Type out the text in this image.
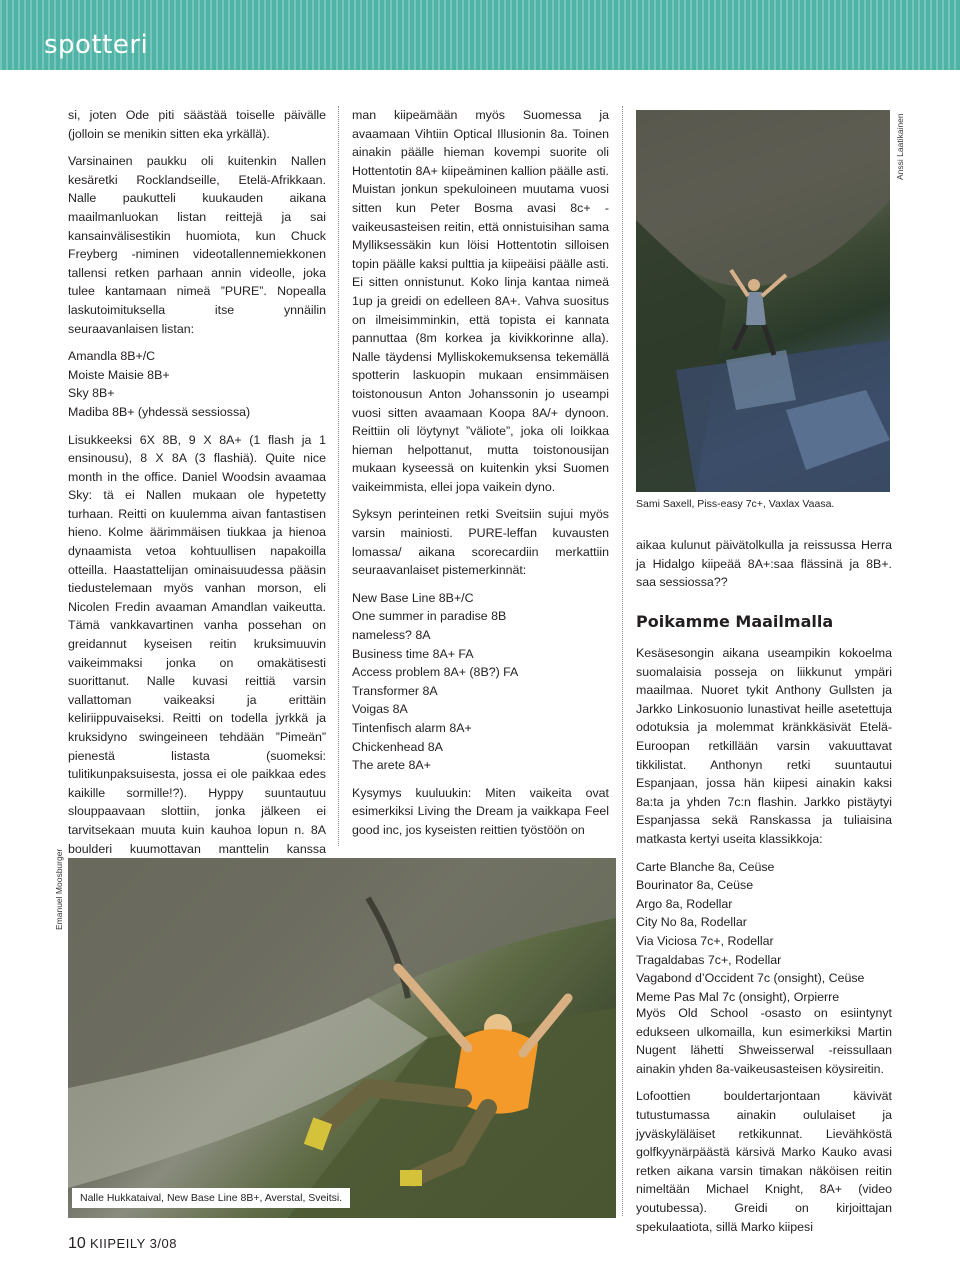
spotteri

si, joten Ode piti säästää toiselle päivälle (jolloin se menikin sitten eka yrkällä).

Varsinainen paukku oli kuitenkin Nallen kesäretki Rocklandseille, Etelä-Afrikkaan. Nalle paukutteli kuukauden aikana maailmanluokan listan reittejä ja sai kansainvälisestikin huomiota, kun Chuck Freyberg -niminen videotallennemiekkonen tallensi retken parhaan annin videolle, joka tulee kantamaan nimeä ”PURE”. Nopealla laskutoimituksella itse ynnäilin seuraavanlaisen listan:

Amandla 8B+/C
Moiste Maisie 8B+
Sky 8B+
Madiba 8B+ (yhdessä sessiossa)

Lisukkeeksi 6X 8B, 9 X 8A+ (1 flash ja 1 ensinousu), 8 X 8A (3 flashiä). Quite nice month in the office. Daniel Woodsin avaamaa Sky: tä ei Nallen mukaan ole hypetetty turhaan. Reitti on kuulemma aivan fantastisen hieno. Kolme äärimmäisen tiukkaa ja hienoa dynaamista vetoa kohtuullisen napakoilla otteilla. Haastattelijan ominaisuudessa pääsin tiedustelemaan myös vanhan morson, eli Nicolen Fredin avaaman Amandlan vaikeutta. Tämä vankkavartinen vanha possehan on greidannut kyseisen reitin kruksimuuvin vaikeimmaksi jonka on omakätisesti suorittanut. Nalle kuvasi reittiä varsin vallattoman vaikeaksi ja erittäin keliriippuvaiseksi. Reitti on todella jyrkkä ja kruksidyno swingeineen tehdään ”Pimeän” pienestä listasta (suomeksi: tulitikunpaksuisesta, jossa ei ole paikkaa edes kaikille sormille!?). Hyppy suuntautuu slouppaavaan slottiin, jonka jälkeen ei tarvitsekaan muuta kuin kauhoa lopun n. 8A boulderi kuumottavan manttelin kanssa

man kiipeämään myös Suomessa ja avaamaan Vihtiin Optical Illusionin 8a. Toinen ainakin päälle hieman kovempi suorite oli Hottentotin 8A+ kiipeäminen kallion päälle asti. Muistan jonkun spekuloineen muutama vuosi sitten kun Peter Bosma avasi 8c+ -vaikeusasteisen reitin, että onnistuisihan sama Mylliksessäkin kun löisi Hottentotin silloisen topin päälle kaksi pulttia ja kiipeäisi päälle asti. Ei sitten onnistunut. Koko linja kantaa nimeä 1up ja greidi on edelleen 8A+. Vahva suositus on ilmeisimminkin, että topista ei kannata pannuttaa (8m korkea ja kivikkorinne alla). Nalle täydensi Mylliskokemuksensa tekemällä spotterin laskuopin mukaan ensimmäisen toistonousun Anton Johanssonin jo useampi vuosi sitten avaamaan Koopa 8A/+ dynoon. Reittiin oli löytynyt ”väliote”, joka oli loikkaa hieman helpottanut, mutta toistonousijan mukaan kyseessä on kuitenkin yksi Suomen vaikeimmista, ellei jopa vaikein dyno.

Syksyn perinteinen retki Sveitsiin sujui myös varsin mainiosti. PURE-leffan kuvausten lomassa/ aikana scorecardiin merkattiin seuraavanlaiset pistemerkinnät:

New Base Line 8B+/C
One summer in paradise 8B
nameless? 8A
Business time 8A+ FA
Access problem 8A+ (8B?) FA
Transformer 8A
Voigas 8A
Tintenfisch alarm 8A+
Chickenhead 8A
The arete 8A+

Kysymys kuuluukin: Miten vaikeita ovat esimerkiksi Living the Dream ja vaikkapa Feel good inc, jos kyseisten reittien työstöön on

Anssi Laatikainen
Sami Saxell, Piss-easy 7c+, Vaxlax Vaasa.

aikaa kulunut päivätolkulla ja reissussa Herra ja Hidalgo kiipeää 8A+:saa flässinä ja 8B+. saa sessiossa??

Poikamme Maailmalla

Kesäsesongin aikana useampikin kokoelma suomalaisia posseja on liikkunut ympäri maailmaa. Nuoret tykit Anthony Gullsten ja Jarkko Linkosuonio lunastivat heille asetettuja odotuksia ja molemmat kränkkäsivät Etelä-Euroopan retkillään varsin vakuuttavat tikkilistat. Anthonyn retki suuntautui Espanjaan, jossa hän kiipesi ainakin kaksi 8a:ta ja yhden 7c:n flashin. Jarkko pistäytyi Espanjassa sekä Ranskassa ja tuliaisina matkasta kertyi useita klassikkoja:

Carte Blanche 8a, Ceüse
Bourinator 8a, Ceüse
Argo 8a, Rodellar
City No 8a, Rodellar
Via Viciosa 7c+, Rodellar
Tragaldabas 7c+, Rodellar
Vagabond d’Occident 7c (onsight), Ceüse
Meme Pas Mal 7c (onsight), Orpierre

Myös Old School -osasto on esiintynyt edukseen ulkomailla, kun esimerkiksi Martin Nugent lähetti Shweisserwal -reissullaan ainakin yhden 8a-vaikeusasteisen köysireitin.

Lofoottien bouldertarjontaan kävivät tutustumassa ainakin oululaiset ja jyväskyläläiset retkikunnat. Lievähköstä golfkyynärpäästä kärsivä Marko Kauko avasi retken aikana varsin timakan näköisen reitin nimeltään Michael Knight, 8A+ (video youtubessa). Greidi on kirjoittajan spekulaatiota, sillä Marko kiipesi

Emanuel Moosburger
Nalle Hukkataival, New Base Line 8B+, Averstal, Sveitsi.
10 KIIPEILY 3/08
